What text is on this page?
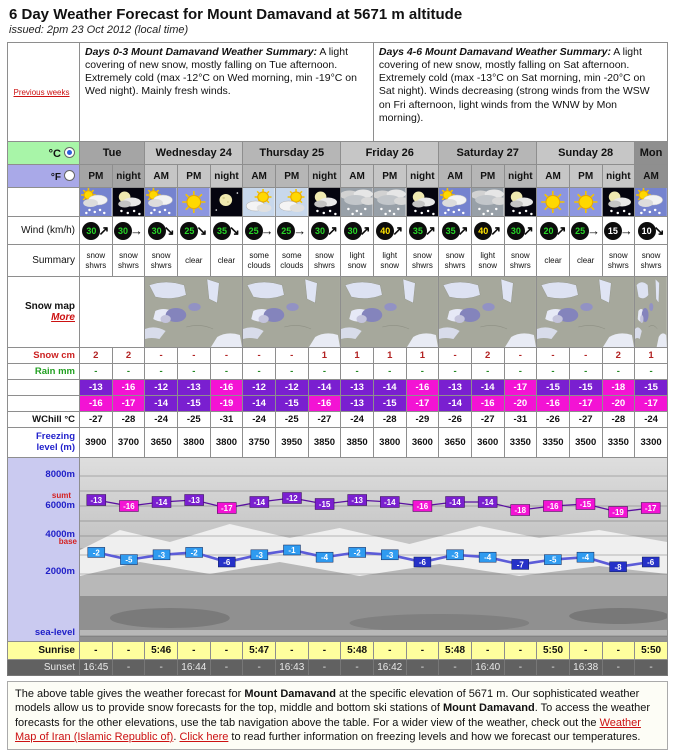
6 Day Weather Forecast for Mount Damavand at 5671 m altitude
issued: 2pm 23 Oct 2012 (local time)
Previous weeks	Days 0-3 Mount Damavand Weather Summary: A light covering of new snow, mostly falling on Tue afternoon. Extremely cold (max -12°C on Wed morning, min -19°C on Wed night). Mainly fresh winds.									Days 4-6 Mount Damavand Weather Summary: A light covering of new snow, mostly falling on Sat afternoon. Extremely cold (max -13°C on Sat morning, min -20°C on Sat night). Winds decreasing (strong winds from the WSW on Fri afternoon, light winds from the WNW by Mon morning).								
°C	Tue		Wednesday 24			Thursday 25			Friday 26			Saturday 27			Sunday 28			Mon
°F	PM	night	AM	PM	night	AM	PM	night	AM	PM	night	AM	PM	night	AM	PM	night	AM

Wind (km/h)	30 ↗	30 →	30 ↘	25 ↘	35 ↘	25 →	25 →	30 ↗	30 ↗	40 ↗	35 ↗	35 ↗	40 ↗	30 ↗	20 ↗	25 →	15 →	10 ↘

Summary	snow shwrs	snow shwrs	snow shwrs	clear	clear	some clouds	some clouds	snow shwrs	light snow	light snow	snow shwrs	snow shwrs	light snow	snow shwrs	clear	clear	snow shwrs	snow shwrs

Snow map
More		

Snow cm	2	2	-	-	-	-	-	1	1	1	1	-	2	-	-	-	2	1
Rain mm	-	-	-	-	-	-	-	-	-	-	-	-	-	-	-	-	-	-
Max °C	-13	-16	-12	-13	-16	-12	-12	-14	-13	-14	-16	-13	-14	-17	-15	-15	-18	-15
Min °C	-16	-17	-14	-15	-19	-14	-15	-16	-13	-15	-17	-14	-16	-20	-16	-17	-20	-17
WChill °C	-27	-28	-24	-25	-31	-24	-25	-27	-24	-28	-29	-26	-27	-31	-26	-27	-28	-24

Freezing
level (m)	3900	3700	3650	3800	3800	3750	3950	3850	3850	3800	3600	3650	3600	3350	3350	3500	3350	3300

8000m
6000m
4000m
2000m
sea-level
sumt
base

-13
-16	-14	-13
-17
-14	-12
-15	-13	-14	-16	-14	-14
-18	-16	-15
-19	-17
-2
-5
-3	-2
-6
-3
-1
-4
-2	-3
-6
-3	-4
-7
-5	-4
-8
-6

Sunrise	-	-	5:46	-	-	5:47	-	-	5:48	-	-	5:48	-	-	5:50	-	-	5:50
Sunset	16:45	-	-	16:44	-	-	16:43	-	-	16:42	-	-	16:40	-	-	16:38	-	-
The above table gives the weather forecast for Mount Damavand at the specific elevation of 5671 m. Our sophisticated weather models allow us to provide snow forecasts for the top, middle and bottom ski stations of Mount Damavand. To access the weather forecasts for the other elevations, use the tab navigation above the table. For a wider view of the weather, check out the Weather Map of Iran (Islamic Republic of). Click here to read further information on freezing levels and how we forecast our temperatures.
